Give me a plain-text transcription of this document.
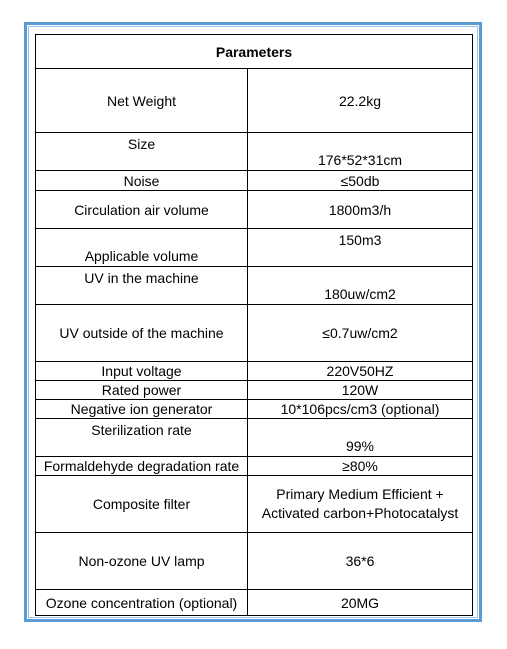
Parameters	
Net Weight	22.2kg
Size	176*52*31cm
Noise	≤50db
Circulation air volume	1800m3/h
Applicable volume	150m3
UV in the machine	180uw/cm2
UV outside of the machine	≤0.7uw/cm2
Input voltage	220V50HZ
Rated power	120W
Negative ion generator	10*106pcs/cm3 (optional)
Sterilization rate	99%
Formaldehyde degradation rate	≥80%
Composite filter	Primary Medium Efficient +
Activated carbon+Photocatalyst

Non-ozone UV lamp	36*6
Ozone concentration (optional)	20MG
